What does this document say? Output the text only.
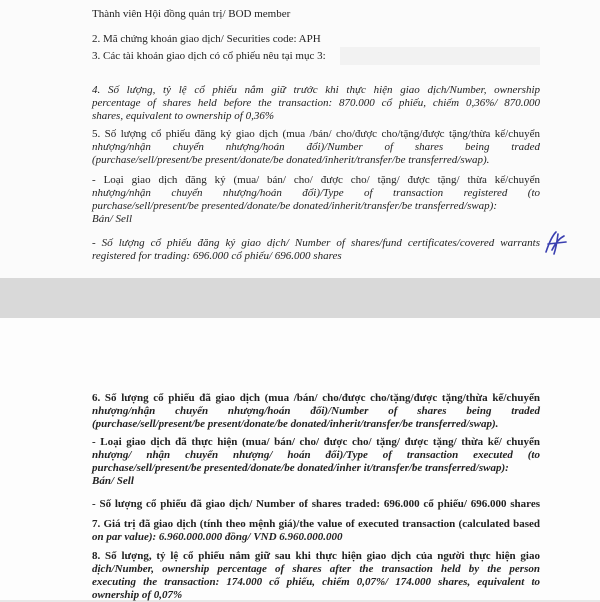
Thành viên Hội đồng quản trị/ BOD member
2. Mã chứng khoán giao dịch/ Securities code: APH
3. Các tài khoản giao dịch có cổ phiếu nêu tại mục 3:
4. Số lượng, tỷ lệ cổ phiếu nắm giữ trước khi thực hiện giao dịch/Number, ownership
percentage of shares held before the transaction: 870.000 cổ phiếu, chiếm 0,36%/ 870.000
shares, equivalent to ownership of 0,36%
5. Số lượng cổ phiếu đăng ký giao dịch (mua /bán/ cho/được cho/tặng/được tặng/thừa kế/chuyển
nhượng/nhận chuyển nhượng/hoán đổi)/Number of shares being traded
(purchase/sell/present/be present/donate/be donated/inherit/transfer/be transferred/swap).
- Loại giao dịch đăng ký (mua/ bán/ cho/ được cho/ tặng/ được tặng/ thừa kế/chuyển
nhượng/nhận chuyển nhượng/hoán đổi)/Type of transaction registered (to
purchase/sell/present/be presented/donate/be donated/inherit/transfer/be transferred/swap):
Bán/ Sell
- Số lượng cổ phiếu đăng ký giao dịch/ Number of shares/fund certificates/covered warrants
registered for trading: 696.000 cổ phiếu/ 696.000 shares
6. Số lượng cổ phiếu đã giao dịch (mua /bán/ cho/được cho/tặng/được tặng/thừa kế/chuyển
nhượng/nhận chuyển nhượng/hoán đổi)/Number of shares being traded
(purchase/sell/present/be present/donate/be donated/inherit/transfer/be transferred/swap).
- Loại giao dịch đã thực hiện (mua/ bán/ cho/ được cho/ tặng/ được tặng/ thừa kế/ chuyển
nhượng/ nhận chuyển nhượng/ hoán đổi)/Type of transaction executed (to
purchase/sell/present/be presented/donate/be donated/inher it/transfer/be transferred/swap):
Bán/ Sell
- Số lượng cổ phiếu đã giao dịch/ Number of shares traded: 696.000 cổ phiếu/ 696.000 shares
7. Giá trị đã giao dịch (tính theo mệnh giá)/the value of executed transaction (calculated based
on par value): 6.960.000.000 đồng/ VND 6.960.000.000
8. Số lượng, tỷ lệ cổ phiếu nắm giữ sau khi thực hiện giao dịch của người thực hiện giao
dịch/Number, ownership percentage of shares after the transaction held by the person
executing the transaction: 174.000 cổ phiếu, chiếm 0,07%/ 174.000 shares, equivalent to
ownership of 0,07%
